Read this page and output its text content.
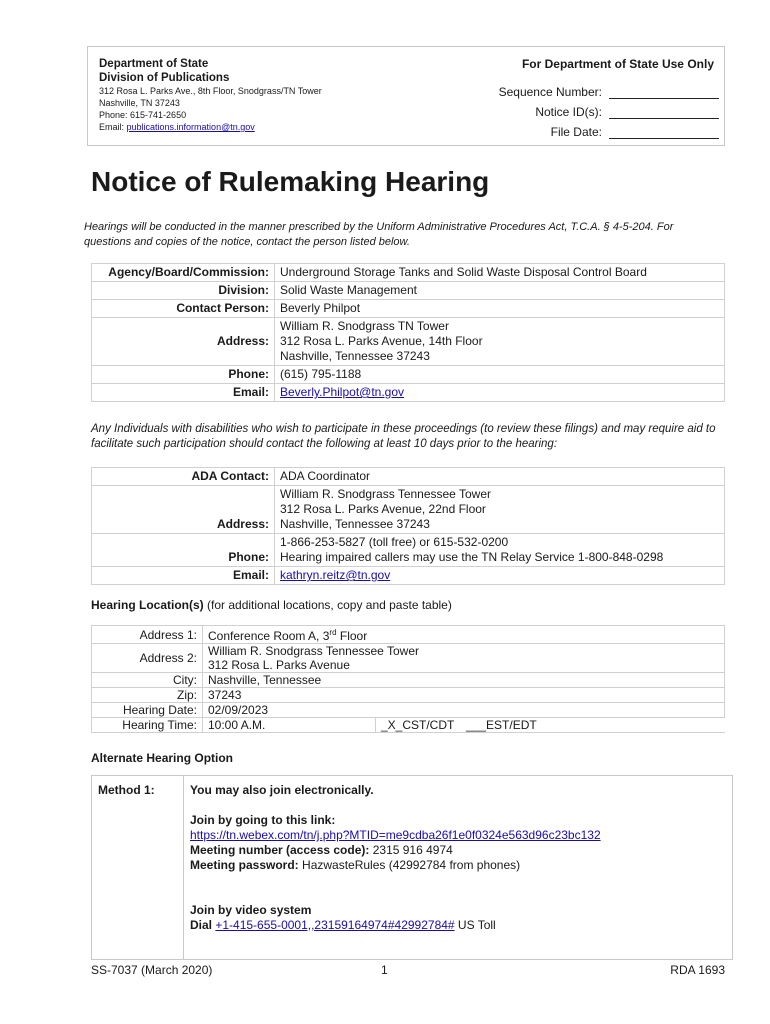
Department of State
Division of Publications
312 Rosa L. Parks Ave., 8th Floor, Snodgrass/TN Tower
Nashville, TN 37243
Phone: 615-741-2650
Email: publications.information@tn.gov
For Department of State Use Only
Sequence Number:
Notice ID(s):
File Date:
Notice of Rulemaking Hearing

Hearings will be conducted in the manner prescribed by the Uniform Administrative Procedures Act, T.C.A. § 4-5-204. For questions and copies of the notice, contact the person listed below.

Agency/Board/Commission:	Underground Storage Tanks and Solid Waste Disposal Control Board
Division:	Solid Waste Management
Contact Person:	Beverly Philpot
Address:	William R. Snodgrass TN Tower
312 Rosa L. Parks Avenue, 14th Floor
Nashville, Tennessee 37243

Phone:	(615) 795-1188
Email:	Beverly.Philpot@tn.gov

Any Individuals with disabilities who wish to participate in these proceedings (to review these filings) and may require aid to facilitate such participation should contact the following at least 10 days prior to the hearing:

ADA Contact:	ADA Coordinator
Address:	William R. Snodgrass Tennessee Tower
312 Rosa L. Parks Avenue, 22nd Floor
Nashville, Tennessee 37243

Phone:	1-866-253-5827 (toll free) or 615-532-0200
Hearing impaired callers may use the TN Relay Service 1-800-848-0298

Email:	kathryn.reitz@tn.gov
Hearing Location(s) (for additional locations, copy and paste table)
Address 1:	Conference Room A, 3rd Floor	
Address 2:	William R. Snodgrass Tennessee Tower
312 Rosa L. Parks Avenue	

City:	Nashville, Tennessee	
Zip:	37243	
Hearing Date:	02/09/2023	
Hearing Time:	10:00 A.M.	_X_CST/CDT ___EST/EDT
Alternate Hearing Option
Method 1:	You may also join electronically.
Join by going to this link:
https://tn.webex.com/tn/j.php?MTID=me9cdba26f1e0f0324e563d96c23bc132
Meeting number (access code): 2315 916 4974
Meeting password: HazwasteRules (42992784 from phones)
Join by video system
Dial +1-415-655-0001,,23159164974#42992784# US Toll
SS-7037 (March 2020)	1	RDA 1693
